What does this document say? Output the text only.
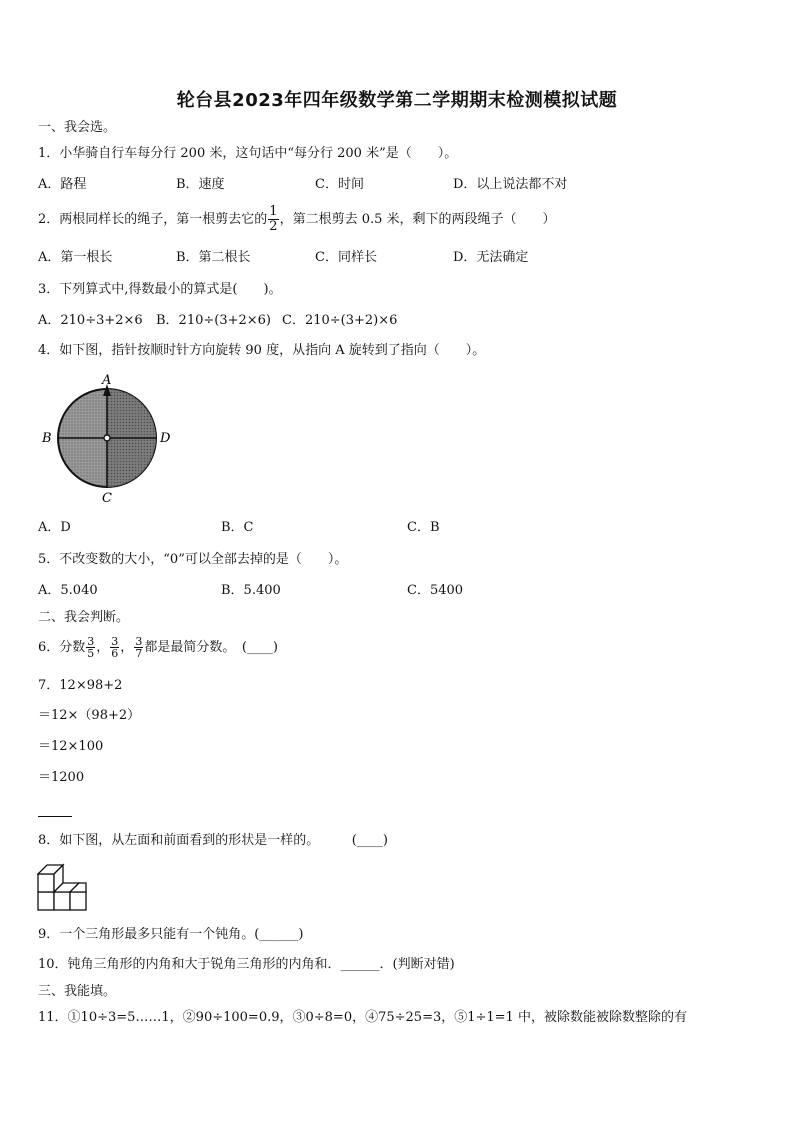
轮台县2023年四年级数学第二学期期末检测模拟试题
一、我会选。
1．小华骑自行车每分行 200 米，这句话中“每分行 200 米”是（　　）。
A．路程	B．速度	C．时间	D．以上说法都不对
2．两根同样长的绳子，第一根剪去它的 $\frac{1}{2}$ ，第二根剪去 0.5 米，剩下的两段绳子（　　）
A．第一根长	B．第二根长	C．同样长	D．无法确定
3．下列算式中,得数最小的算式是(　　)。
A．210÷3+2×6 B．210÷(3+2×6) C．210÷(3+2)×6
4．如下图，指针按顺时针方向旋转 90 度，从指向 A 旋转到了指向（　　）。
A
B
C
D
A．D	B．C	C．B
5．不改变数的大小，“0”可以全部去掉的是（　　）。
A．5.040	B．5.400	C．5400
二、我会判断。
6．分数 $\frac{3}{5}$ ， $\frac{3}{6}$ ， $\frac{3}{7}$ 都是最简分数。　(____)
7．12×98+2
＝12×（98+2）
＝12×100
＝1200
8．如下图，从左面和前面看到的形状是一样的。　　　(____)
9．一个三角形最多只能有一个钝角。(______)
10．钝角三角形的内角和大于锐角三角形的内角和．______．(判断对错)
三、我能填。
11．①10÷3=5……1，②90÷100=0.9，③0÷8=0，④75÷25=3，⑤1÷1=1 中，被除数能被除数整除的有
